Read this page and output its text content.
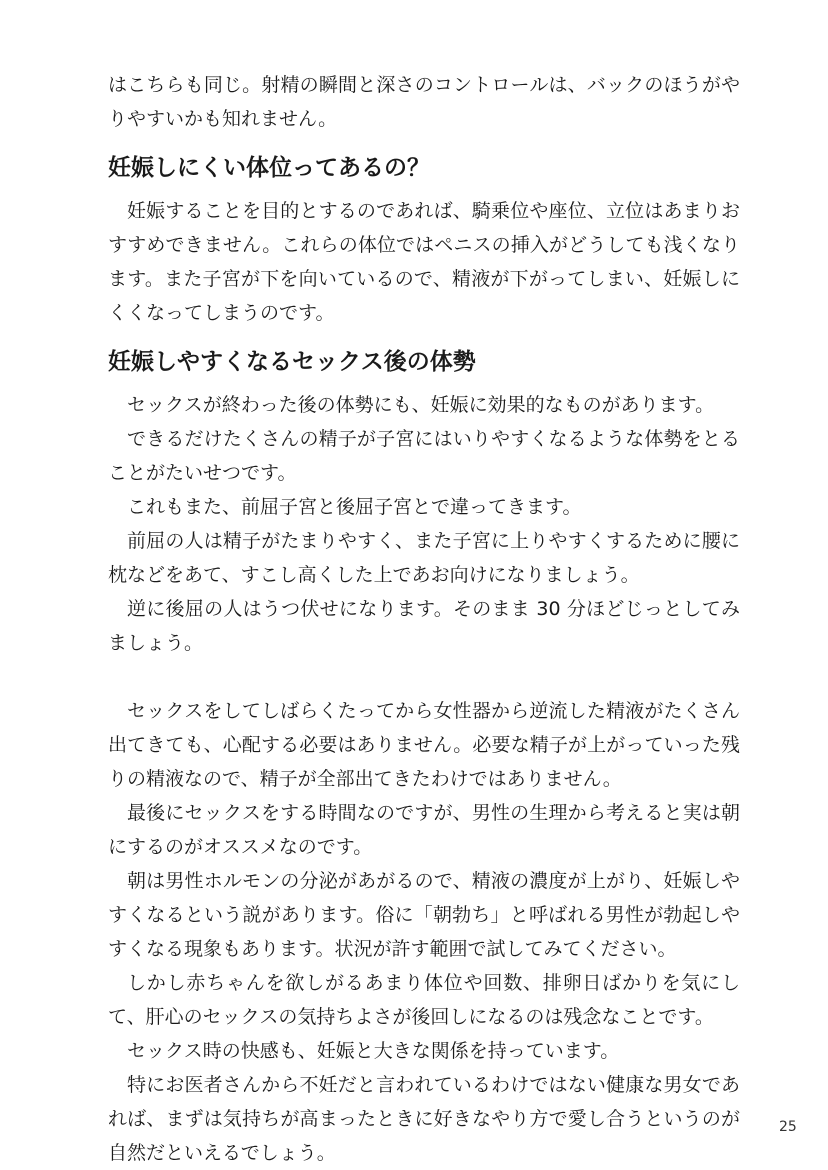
はこちらも同じ。射精の瞬間と深さのコントロールは、バックのほうがやりやすいかも知れません。

妊娠しにくい体位ってあるの？

妊娠することを目的とするのであれば、騎乗位や座位、立位はあまりおすすめできません。これらの体位ではペニスの挿入がどうしても浅くなります。また子宮が下を向いているので、精液が下がってしまい、妊娠しにくくなってしまうのです。

妊娠しやすくなるセックス後の体勢

セックスが終わった後の体勢にも、妊娠に効果的なものがあります。

できるだけたくさんの精子が子宮にはいりやすくなるような体勢をとることがたいせつです。

これもまた、前屈子宮と後屈子宮とで違ってきます。

前屈の人は精子がたまりやすく、また子宮に上りやすくするために腰に枕などをあて、すこし高くした上であお向けになりましょう。

逆に後屈の人はうつ伏せになります。そのまま 30 分ほどじっとしてみましょう。

セックスをしてしばらくたってから女性器から逆流した精液がたくさん出てきても、心配する必要はありません。必要な精子が上がっていった残りの精液なので、精子が全部出てきたわけではありません。

最後にセックスをする時間なのですが、男性の生理から考えると実は朝にするのがオススメなのです。

朝は男性ホルモンの分泌があがるので、精液の濃度が上がり、妊娠しやすくなるという説があります。俗に「朝勃ち」と呼ばれる男性が勃起しやすくなる現象もあります。状況が許す範囲で試してみてください。

しかし赤ちゃんを欲しがるあまり体位や回数、排卵日ばかりを気にして、肝心のセックスの気持ちよさが後回しになるのは残念なことです。

セックス時の快感も、妊娠と大きな関係を持っています。

特にお医者さんから不妊だと言われているわけではない健康な男女であれば、まずは気持ちが高まったときに好きなやり方で愛し合うというのが自然だといえるでしょう。

25
